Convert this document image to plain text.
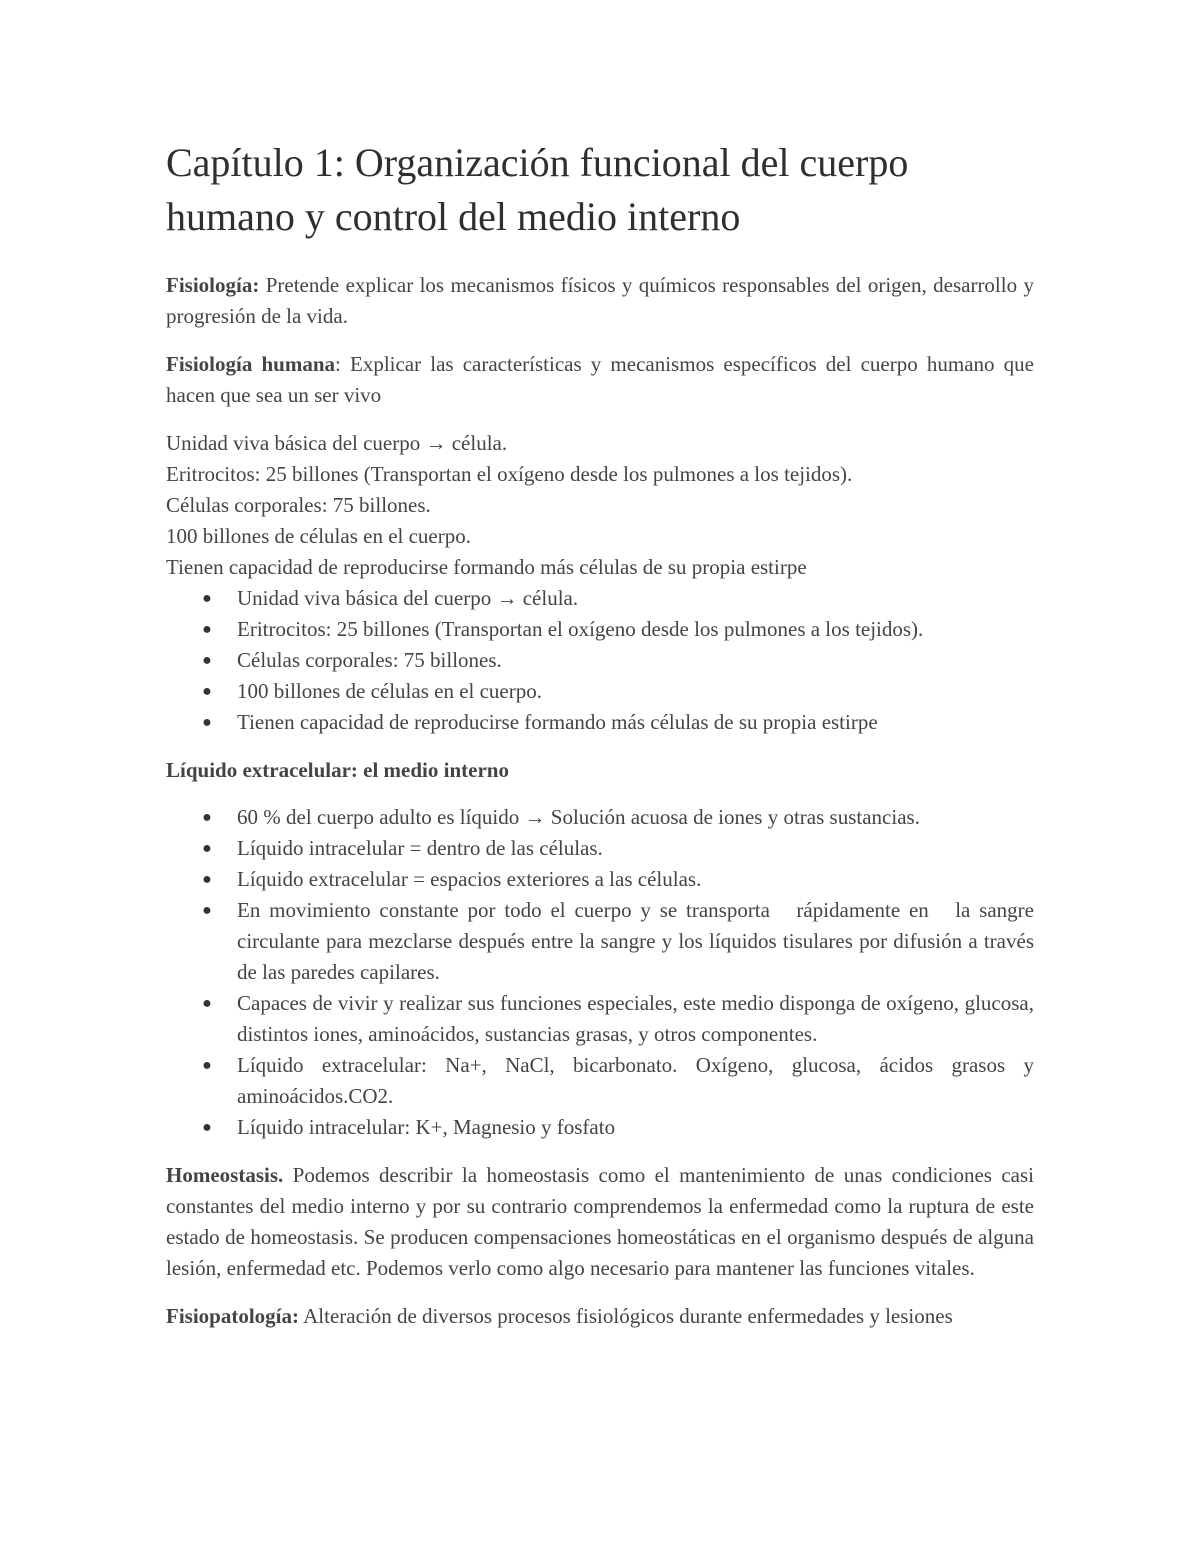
Capítulo 1: Organización funcional del cuerpo humano y control del medio interno

Fisiología: Pretende explicar los mecanismos físicos y químicos responsables del origen, desarrollo y progresión de la vida.

Fisiología humana: Explicar las características y mecanismos específicos del cuerpo humano que hacen que sea un ser vivo

Unidad viva básica del cuerpo → célula.
Eritrocitos: 25 billones (Transportan el oxígeno desde los pulmones a los tejidos).
Células corporales: 75 billones.
100 billones de células en el cuerpo.
Tienen capacidad de reproducirse formando más células de su propia estirpe
● Unidad viva básica del cuerpo → célula.
● Eritrocitos: 25 billones (Transportan el oxígeno desde los pulmones a los tejidos).
● Células corporales: 75 billones.
● 100 billones de células en el cuerpo.
● Tienen capacidad de reproducirse formando más células de su propia estirpe

Líquido extracelular: el medio interno

● 60 % del cuerpo adulto es líquido → Solución acuosa de iones y otras sustancias.
● Líquido intracelular = dentro de las células.
● Líquido extracelular = espacios exteriores a las células.
● En movimiento constante por todo el cuerpo y se transporta   rápidamente en   la sangre circulante para mezclarse después entre la sangre y los líquidos tisulares por difusión a través de las paredes capilares.
● Capaces de vivir y realizar sus funciones especiales, este medio disponga de oxígeno, glucosa, distintos iones, aminoácidos, sustancias grasas, y otros componentes.
● Líquido extracelular: Na+, NaCl, bicarbonato. Oxígeno, glucosa, ácidos grasos y aminoácidos.CO2.
● Líquido intracelular: K+, Magnesio y fosfato

Homeostasis. Podemos describir la homeostasis como el mantenimiento de unas condiciones casi constantes del medio interno y por su contrario comprendemos la enfermedad como la ruptura de este estado de homeostasis. Se producen compensaciones homeostáticas en el organismo después de alguna lesión, enfermedad etc. Podemos verlo como algo necesario para mantener las funciones vitales.

Fisiopatología: Alteración de diversos procesos fisiológicos durante enfermedades y lesiones
